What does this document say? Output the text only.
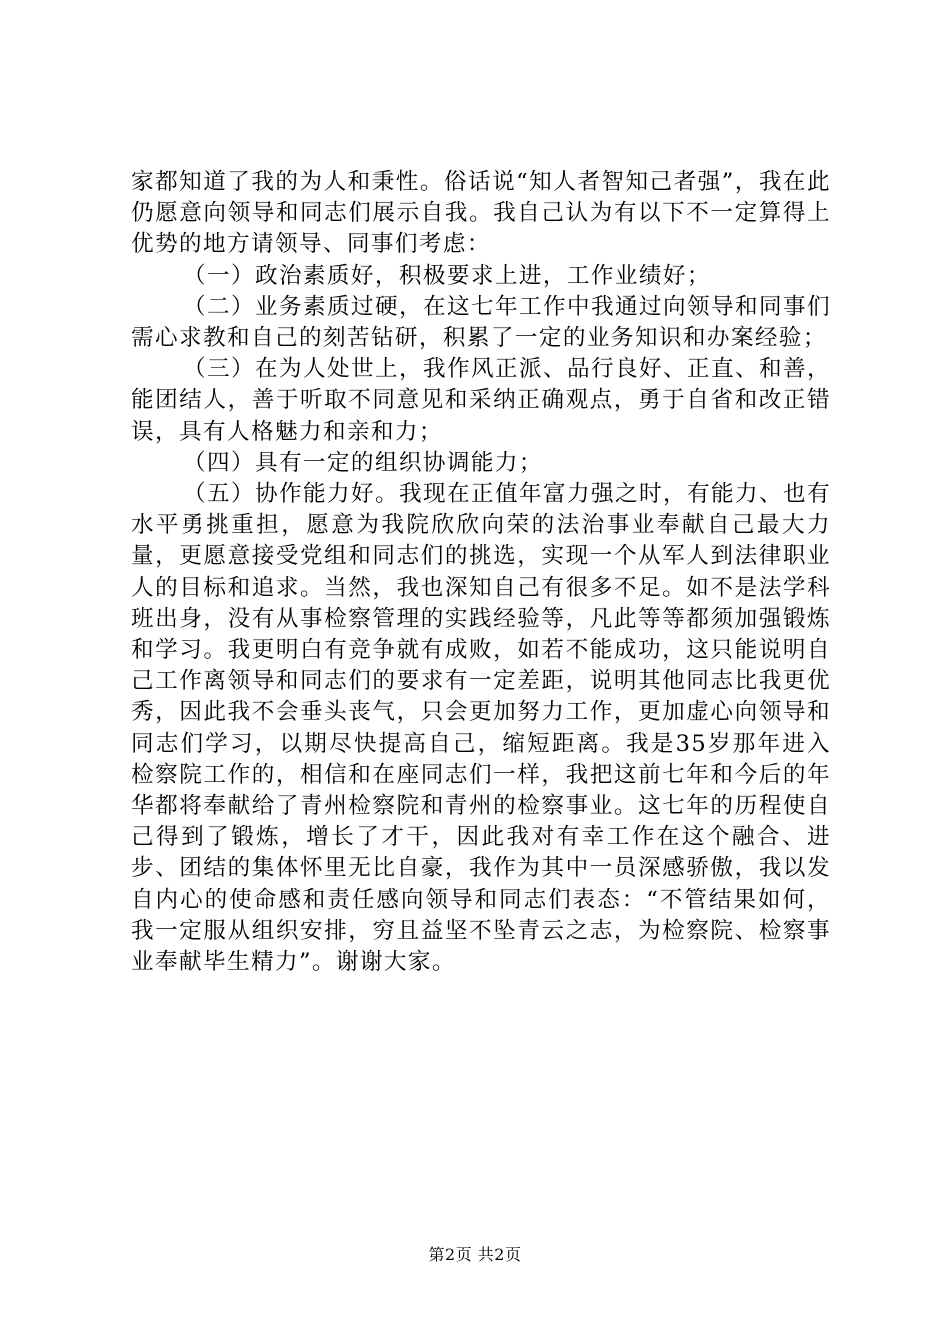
家都知道了我的为人和秉性。俗话说“知人者智知己者强”，我在此仍愿意向领导和同志们展示自我。我自己认为有以下不一定算得上优势的地方请领导、同事们考虑：

（一）政治素质好，积极要求上进，工作业绩好；

（二）业务素质过硬，在这七年工作中我通过向领导和同事们需心求教和自己的刻苦钻研，积累了一定的业务知识和办案经验；

（三）在为人处世上，我作风正派、品行良好、正直、和善，能团结人，善于听取不同意见和采纳正确观点，勇于自省和改正错误，具有人格魅力和亲和力；

（四）具有一定的组织协调能力；

（五）协作能力好。我现在正值年富力强之时，有能力、也有水平勇挑重担，愿意为我院欣欣向荣的法治事业奉献自己最大力量，更愿意接受党组和同志们的挑选，实现一个从军人到法律职业人的目标和追求。当然，我也深知自己有很多不足。如不是法学科班出身，没有从事检察管理的实践经验等，凡此等等都须加强锻炼和学习。我更明白有竞争就有成败，如若不能成功，这只能说明自己工作离领导和同志们的要求有一定差距，说明其他同志比我更优秀，因此我不会垂头丧气，只会更加努力工作，更加虚心向领导和同志们学习，以期尽快提高自己，缩短距离。我是35岁那年进入检察院工作的，相信和在座同志们一样，我把这前七年和今后的年华都将奉献给了青州检察院和青州的检察事业。这七年的历程使自己得到了锻炼，增长了才干，因此我对有幸工作在这个融合、进步、团结的集体怀里无比自豪，我作为其中一员深感骄傲，我以发自内心的使命感和责任感向领导和同志们表态：“不管结果如何，我一定服从组织安排，穷且益坚不坠青云之志，为检察院、检察事业奉献毕生精力”。谢谢大家。

第2页 共2页
